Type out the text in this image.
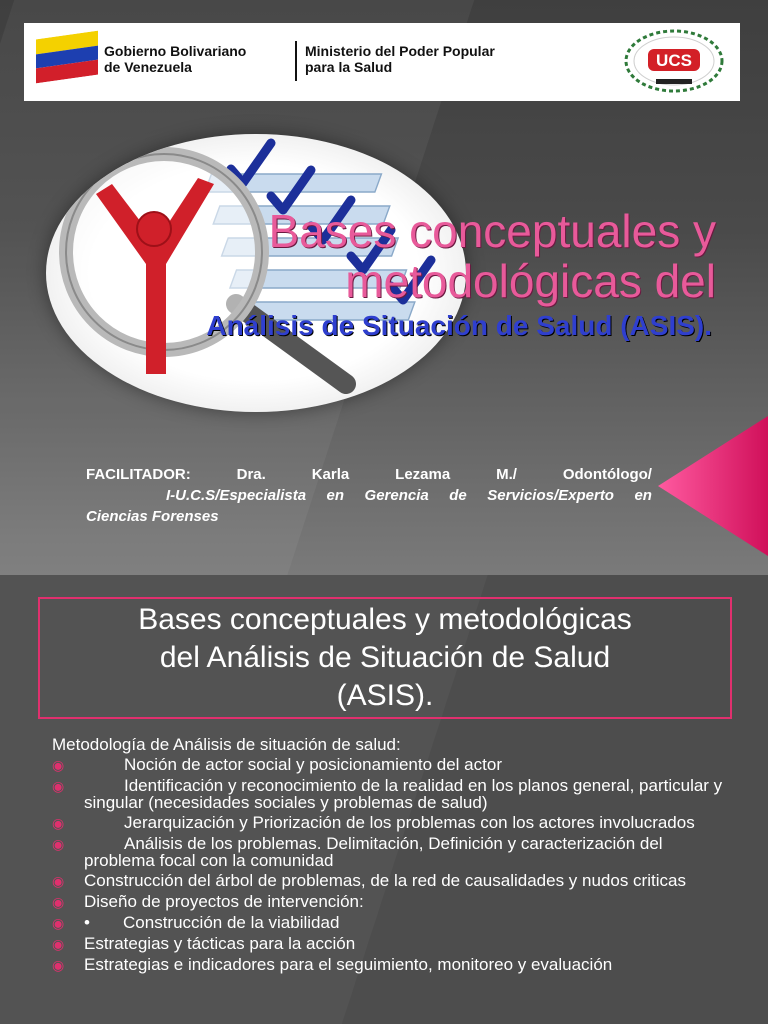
Gobierno Bolivariano
de Venezuela
Ministerio del Poder Popular
para la Salud	UCS
Bases conceptuales y
metodológicas del
Análisis de Situación de Salud (ASIS).
FACILITADOR:	Dra.	Karla	Lezama	M./	Odontólogo/
I-U.C.S/Especialista en Gerencia de Servicios/Experto en
Ciencias Forenses
Bases conceptuales y metodológicas
del Análisis de Situación de Salud
(ASIS).
Metodología de Análisis de situación de salud:
◉	Noción de actor social y posicionamiento del actor
◉	Identificación y reconocimiento de la realidad en los planos general, particular y singular (necesidades sociales y problemas de salud)
◉	Jerarquización y Priorización de los problemas con los actores involucrados
◉	Análisis de los problemas. Delimitación, Definición y caracterización del problema focal con la comunidad
◉	Construcción del árbol de problemas, de la red de causalidades y nudos criticas
◉	Diseño de proyectos de intervención:
◉	•       Construcción de la viabilidad
◉	Estrategias y tácticas para la acción
◉	Estrategias e indicadores para el seguimiento, monitoreo y evaluación
